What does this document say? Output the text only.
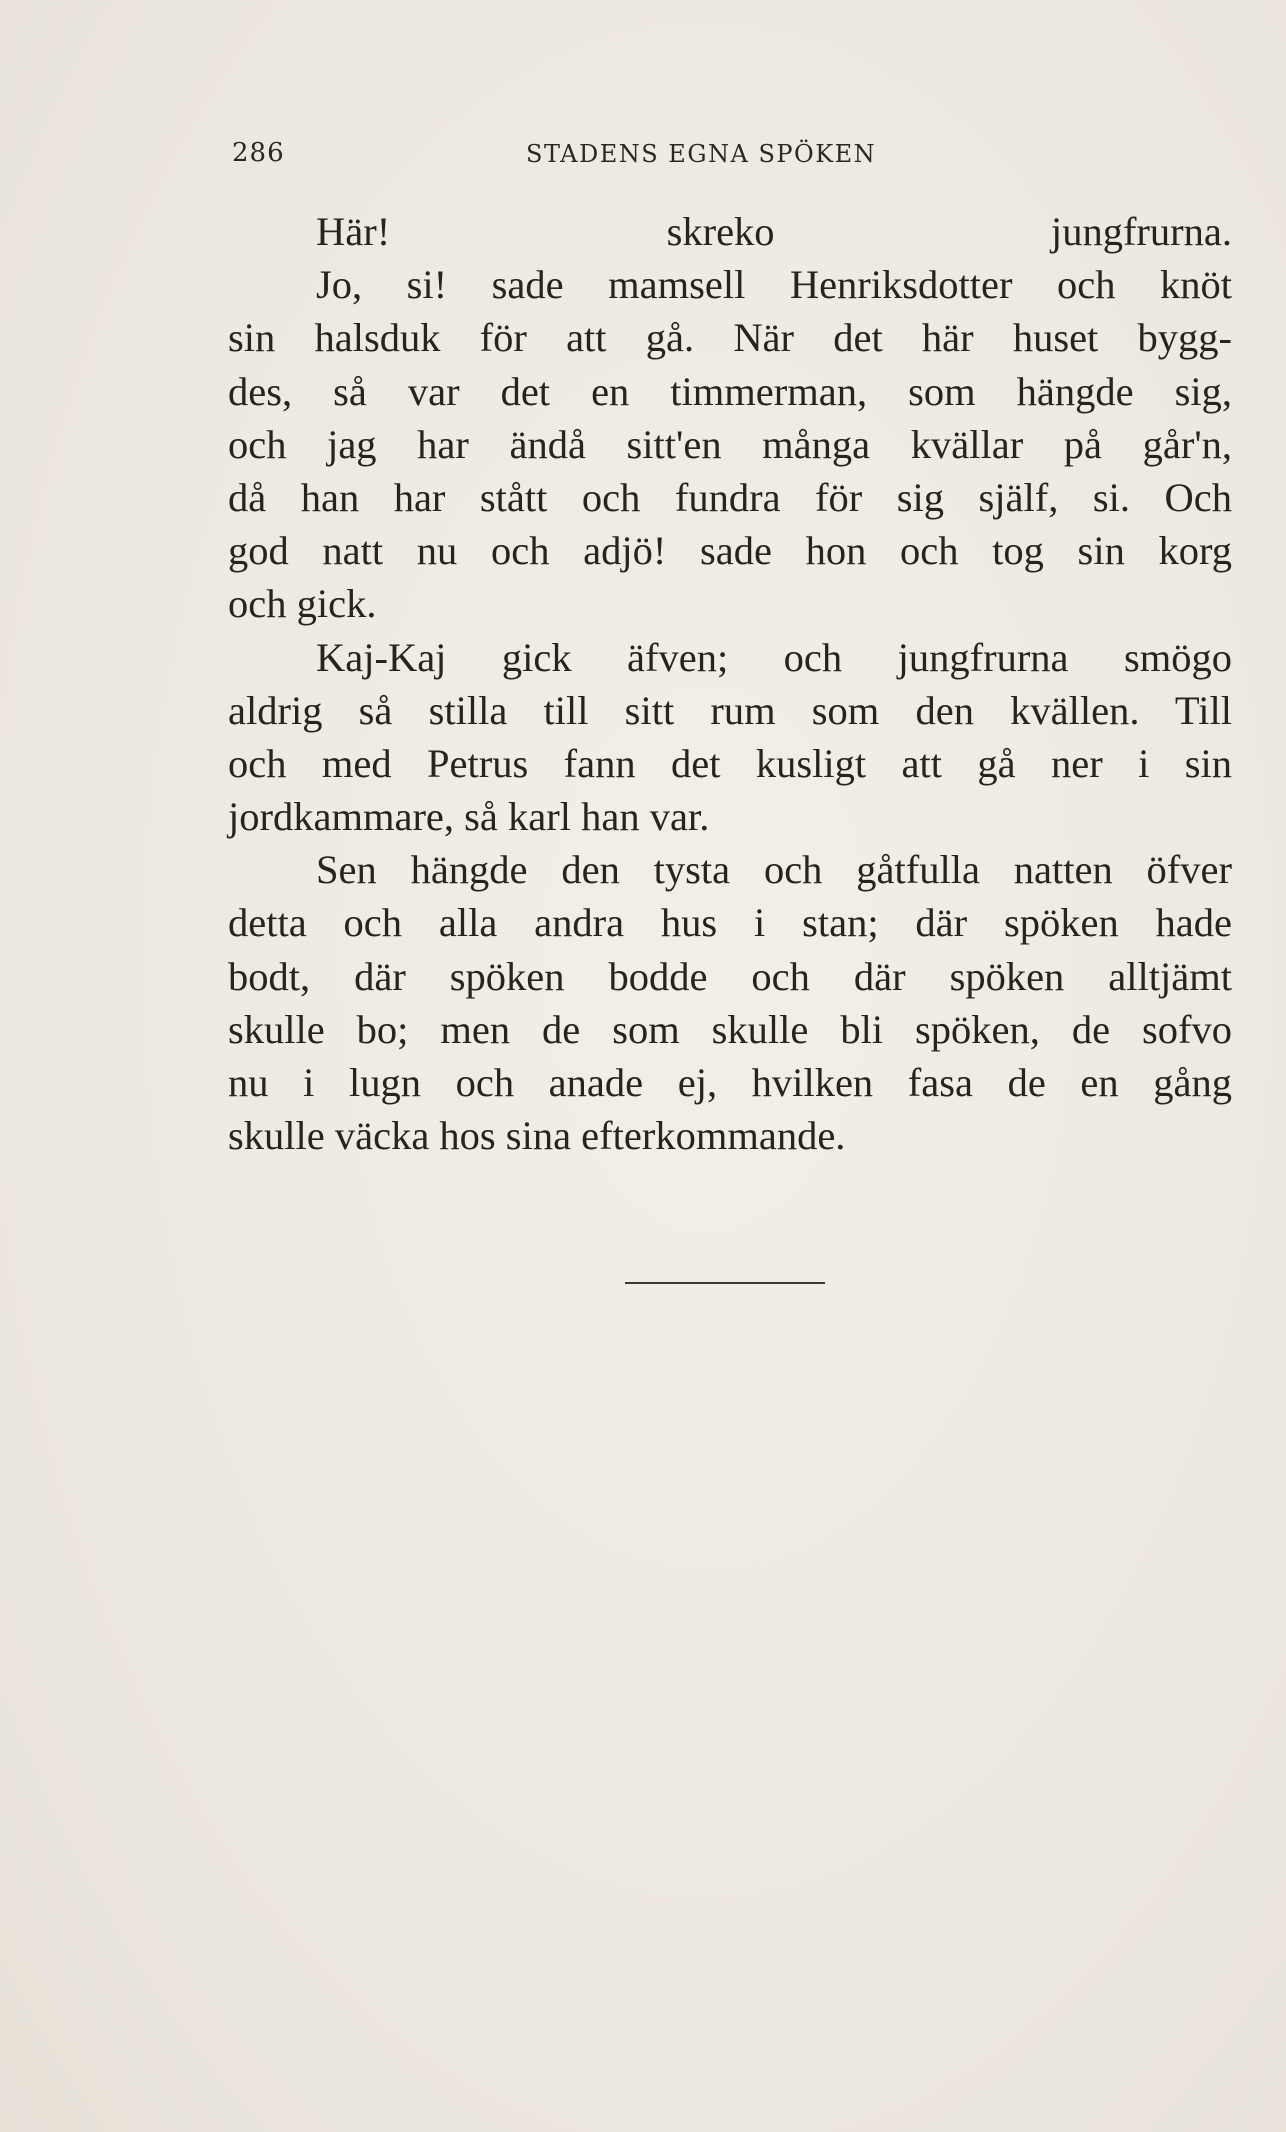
286	STADENS EGNA SPÖKEN
Här! skreko jungfrurna.
Jo, si! sade mamsell Henriksdotter och knöt
sin halsduk för att gå. När det här huset bygg-
des, så var det en timmerman, som hängde sig,
och jag har ändå sitt'en många kvällar på går'n,
då han har stått och fundra för sig själf, si. Och
god natt nu och adjö! sade hon och tog sin korg
och gick.
Kaj-Kaj gick äfven; och jungfrurna smögo
aldrig så stilla till sitt rum som den kvällen. Till
och med Petrus fann det kusligt att gå ner i sin
jordkammare, så karl han var.
Sen hängde den tysta och gåtfulla natten öfver
detta och alla andra hus i stan; där spöken hade
bodt, där spöken bodde och där spöken alltjämt
skulle bo; men de som skulle bli spöken, de sofvo
nu i lugn och anade ej, hvilken fasa de en gång
skulle väcka hos sina efterkommande.
